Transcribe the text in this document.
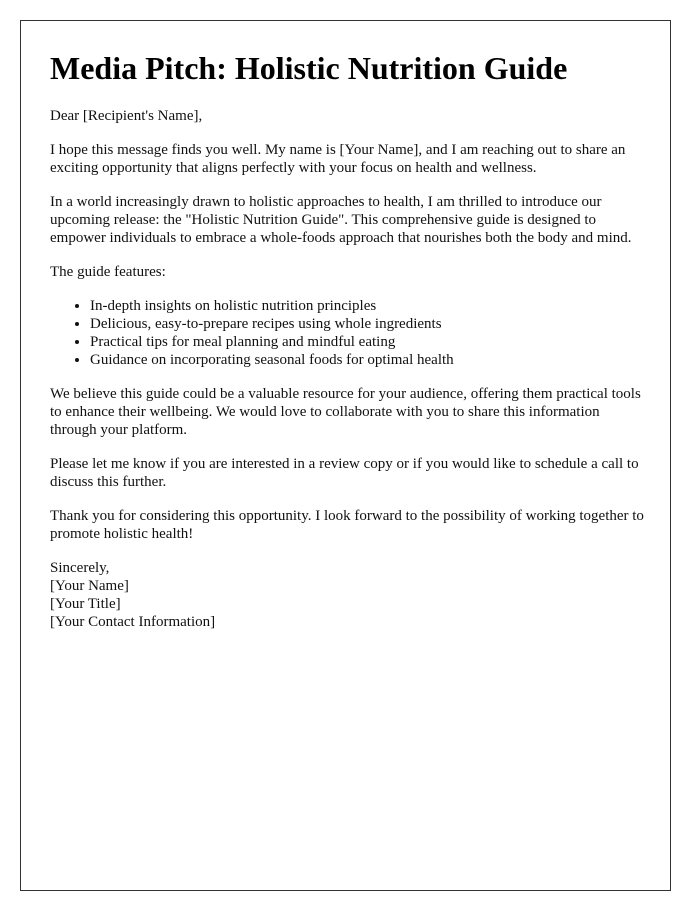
Media Pitch: Holistic Nutrition Guide

Dear [Recipient's Name],

I hope this message finds you well. My name is [Your Name], and I am reaching out to share an exciting opportunity that aligns perfectly with your focus on health and wellness.

In a world increasingly drawn to holistic approaches to health, I am thrilled to introduce our upcoming release: the "Holistic Nutrition Guide". This comprehensive guide is designed to empower individuals to embrace a whole-foods approach that nourishes both the body and mind.

The guide features:

• In-depth insights on holistic nutrition principles
• Delicious, easy-to-prepare recipes using whole ingredients
• Practical tips for meal planning and mindful eating
• Guidance on incorporating seasonal foods for optimal health

We believe this guide could be a valuable resource for your audience, offering them practical tools to enhance their wellbeing. We would love to collaborate with you to share this information through your platform.

Please let me know if you are interested in a review copy or if you would like to schedule a call to discuss this further.

Thank you for considering this opportunity. I look forward to the possibility of working together to promote holistic health!

Sincerely,

[Your Name]

[Your Title]

[Your Contact Information]
